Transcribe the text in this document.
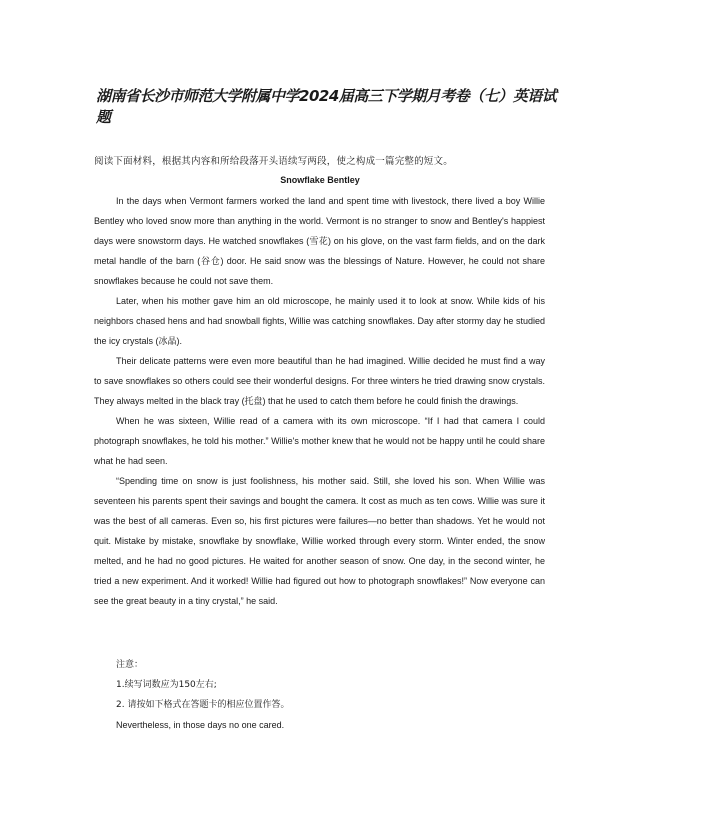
湖南省长沙市师范大学附属中学2024届高三下学期月考卷（七）英语试题

阅读下面材料，根据其内容和所给段落开头语续写两段，使之构成一篇完整的短文。

Snowflake Bentley

In the days when Vermont farmers worked the land and spent time with livestock, there lived a boy Willie Bentley who loved snow more than anything in the world. Vermont is no stranger to snow and Bentley's happiest days were snowstorm days. He watched snowflakes (雪花) on his glove, on the vast farm fields, and on the dark metal handle of the barn (谷仓) door. He said snow was the blessings of Nature. However, he could not share snowflakes because he could not save them.

Later, when his mother gave him an old microscope, he mainly used it to look at snow. While kids of his neighbors chased hens and had snowball fights, Willie was catching snowflakes. Day after stormy day he studied the icy crystals (冰晶).

Their delicate patterns were even more beautiful than he had imagined. Willie decided he must find a way to save snowflakes so others could see their wonderful designs. For three winters he tried drawing snow crystals. They always melted in the black tray (托盘) that he used to catch them before he could finish the drawings.

When he was sixteen, Willie read of a camera with its own microscope. “If I had that camera I could photograph snowflakes, he told his mother.” Willie's mother knew that he would not be happy until he could share what he had seen.

“Spending time on snow is just foolishness, his mother said. Still, she loved his son. When Willie was seventeen his parents spent their savings and bought the camera. It cost as much as ten cows. Willie was sure it was the best of all cameras. Even so, his first pictures were failures—no better than shadows. Yet he would not quit. Mistake by mistake, snowflake by snowflake, Willie worked through every storm. Winter ended, the snow melted, and he had no good pictures. He waited for another season of snow. One day, in the second winter, he tried a new experiment. And it worked! Willie had figured out how to photograph snowflakes!” Now everyone can see the great beauty in a tiny crystal,” he said.

注意：
1.续写词数应为150左右;
2. 请按如下格式在答题卡的相应位置作答。
Nevertheless, in those days no one cared.
